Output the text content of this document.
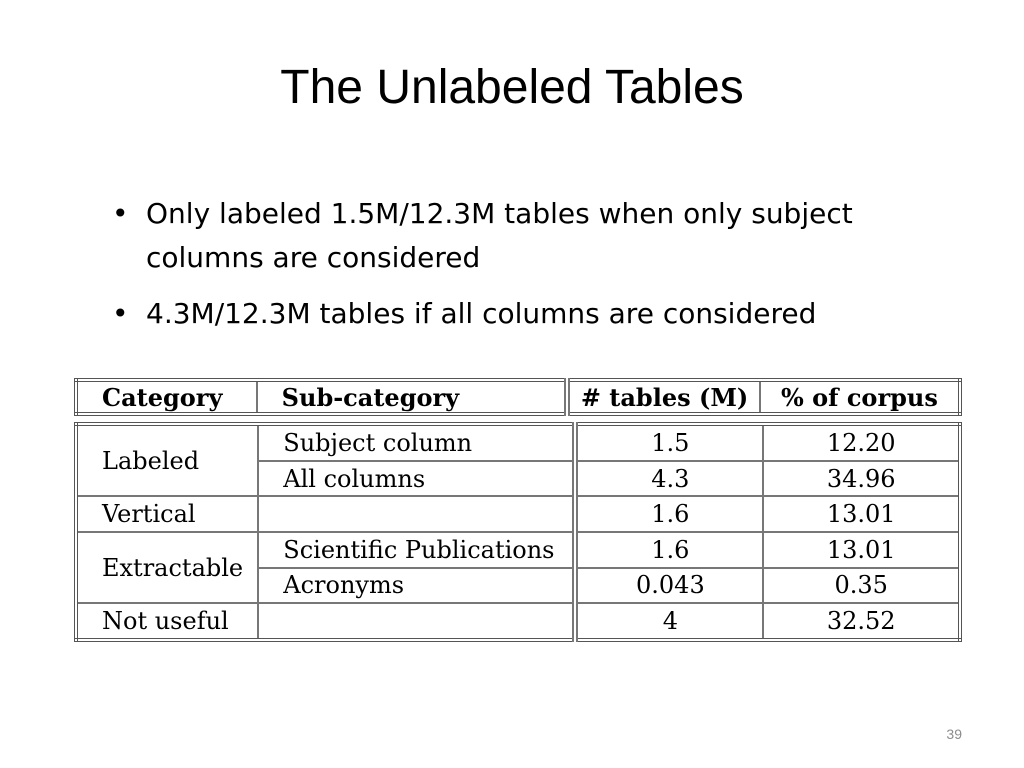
The Unlabeled Tables
• Only labeled 1.5M/12.3M tables when only subject columns are considered
• 4.3M/12.3M tables if all columns are considered
Category	Sub-category	# tables (M)	% of corpus
Labeled	Subject column	1.5	12.20
	All columns	4.3	34.96
Vertical		1.6	13.01
Extractable	Scientific Publications	1.6	13.01
	Acronyms	0.043	0.35
Not useful		4	32.52
39
